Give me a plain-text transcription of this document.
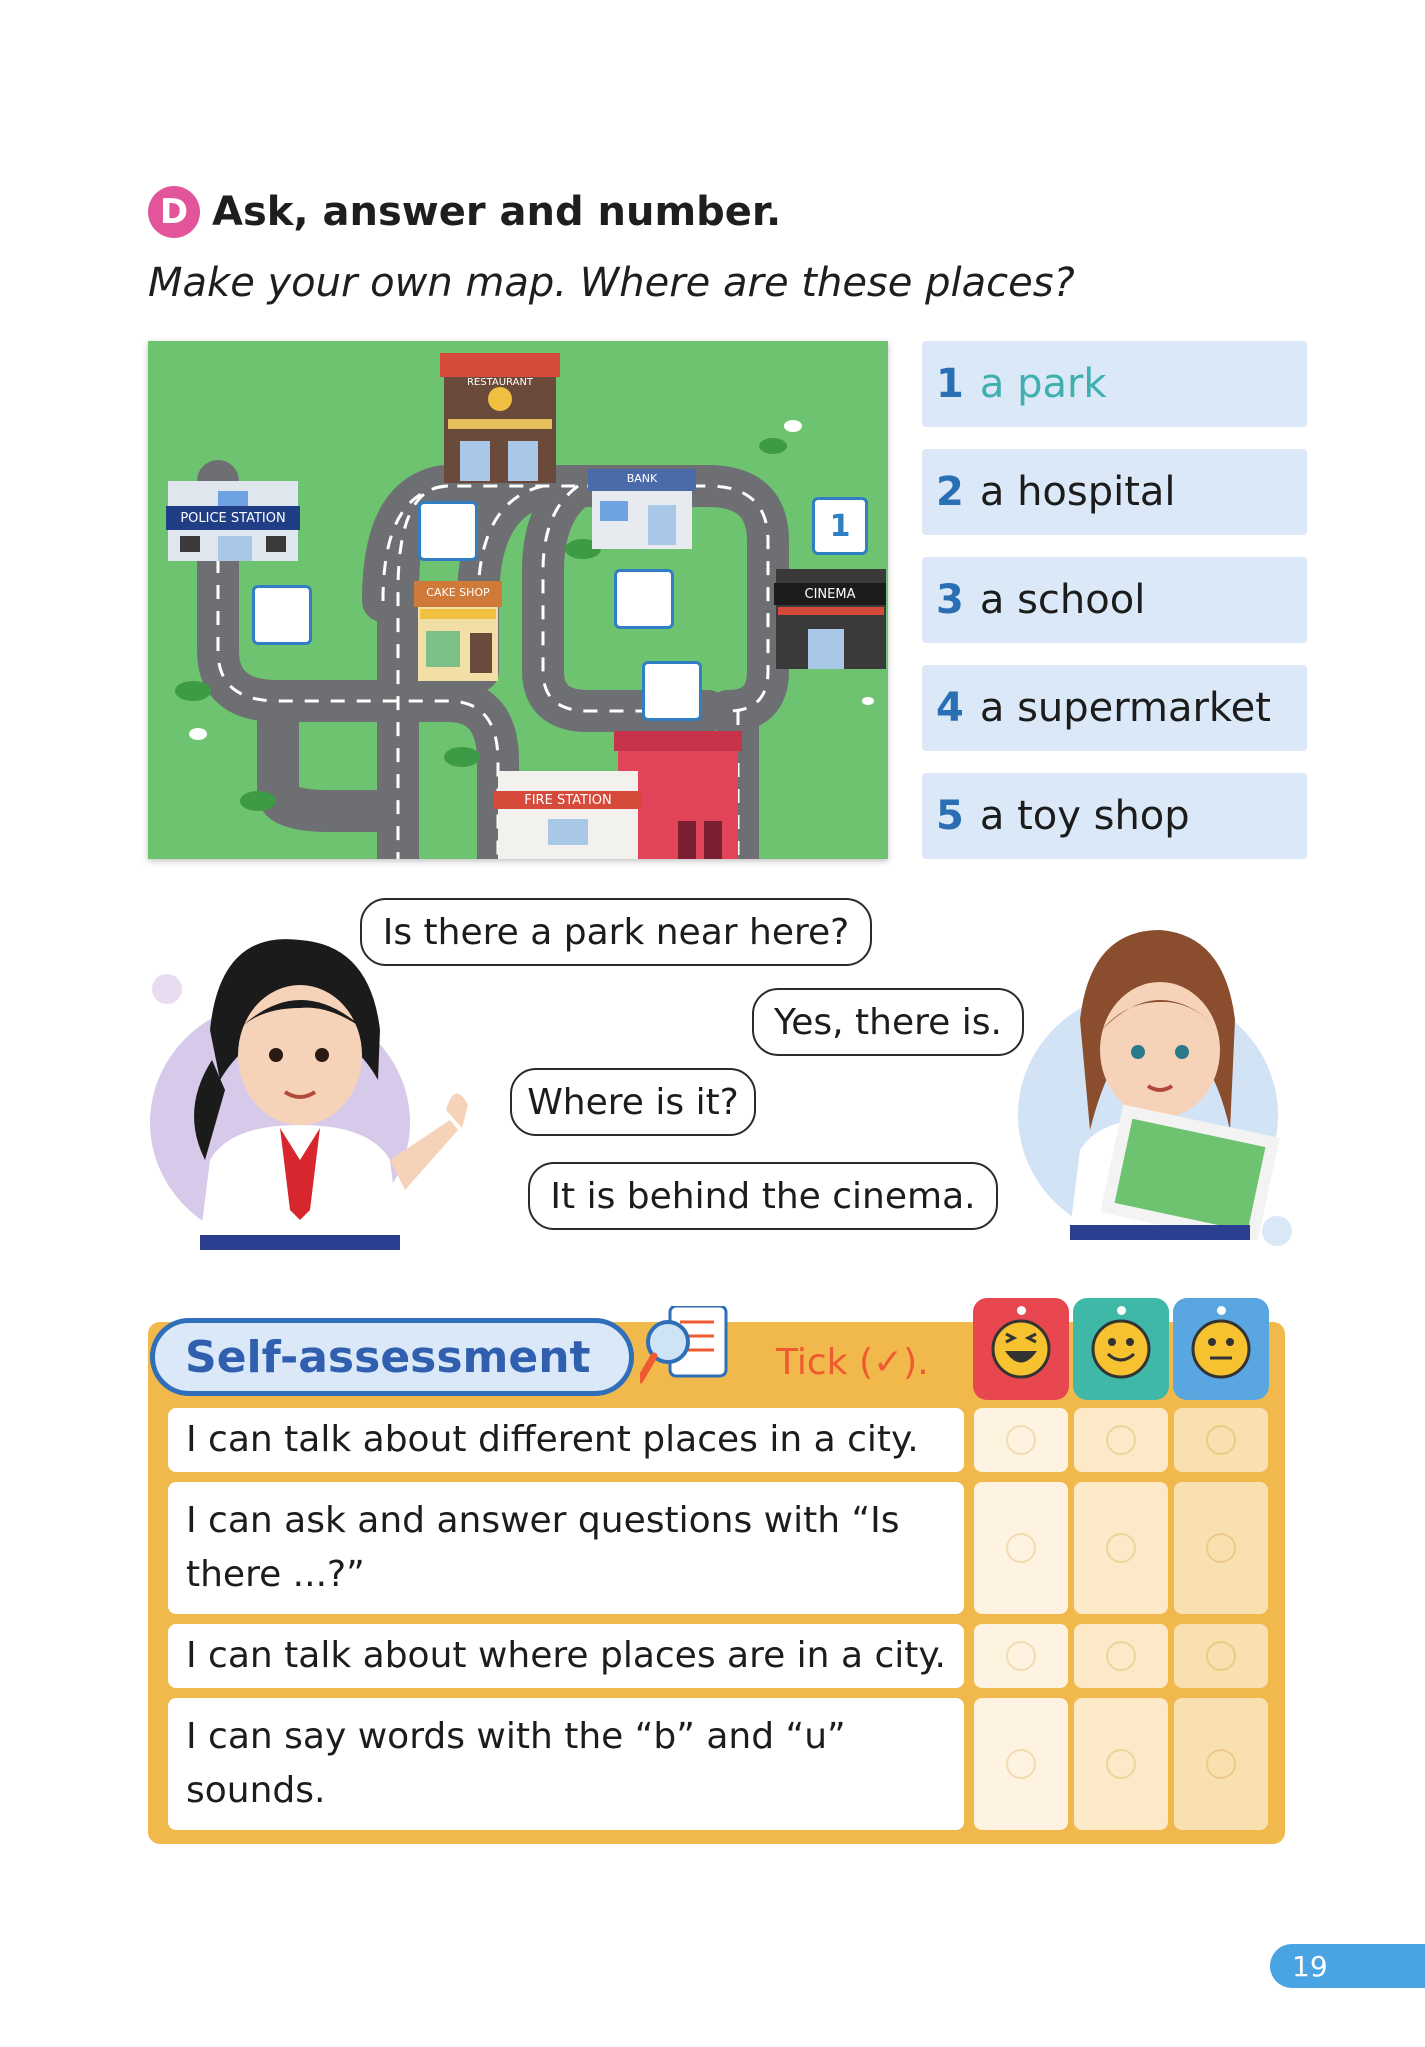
D Ask, answer and number.
Make your own map. Where are these places?
RESTAURANT
POLICE STATION
BANK
CAKE SHOP	CINEMA
FIRE STATION
1
1 a park
2 a hospital
3 a school
4 a supermarket
5 a toy shop
Is there a park near here?
Yes, there is.
Where is it?
It is behind the cinema.
Self-assessment	Tick (✓).
I can talk about different places in a city.
I can ask and answer questions with “Is there ...?”
I can talk about where places are in a city.
I can say words with the “b” and “u” sounds.
19
